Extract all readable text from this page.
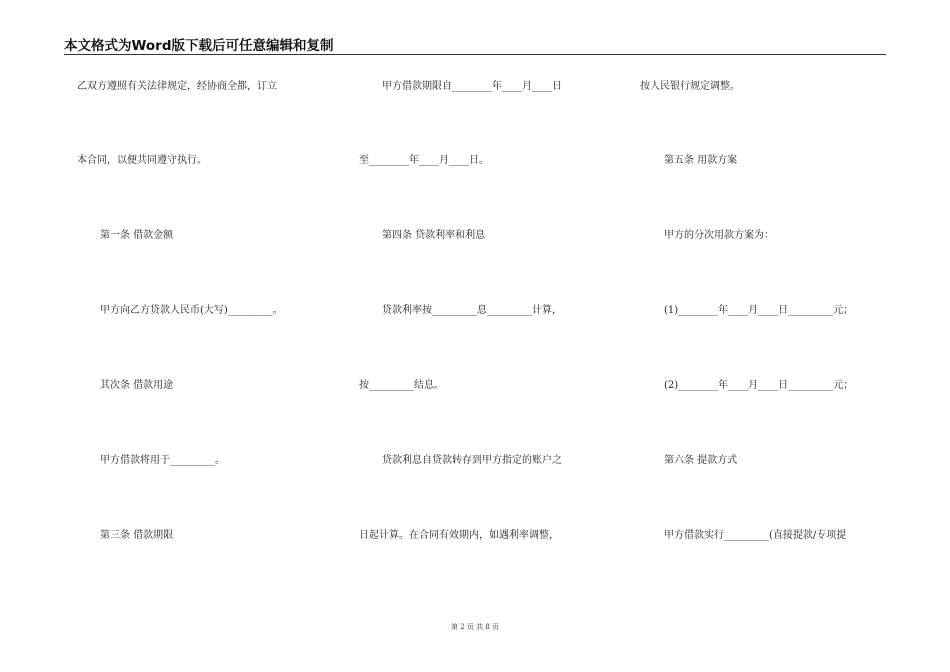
本文格式为Word版下载后可任意编辑和复制
乙双方遵照有关法律规定，经协商全都，订立
本合同，以便共同遵守执行。
第一条 借款金额
甲方向乙方贷款人民币(大写)_________。
其次条 借款用途
甲方借款将用于_________。
第三条 借款期限
甲方借款期限自________年____月____日
至________年____月____日。
第四条 贷款利率和利息
贷款利率按_________息_________计算，
按_________结息。
贷款利息自贷款转存到甲方指定的账户之
日起计算。在合同有效期内，如遇利率调整，
按人民银行规定调整。
第五条 用款方案
甲方的分次用款方案为：
(1)________年____月____日_________元；
(2)________年____月____日_________元；
第六条 提款方式
甲方借款实行_________(直接提款/专项提
第 2 页 共 8 页
